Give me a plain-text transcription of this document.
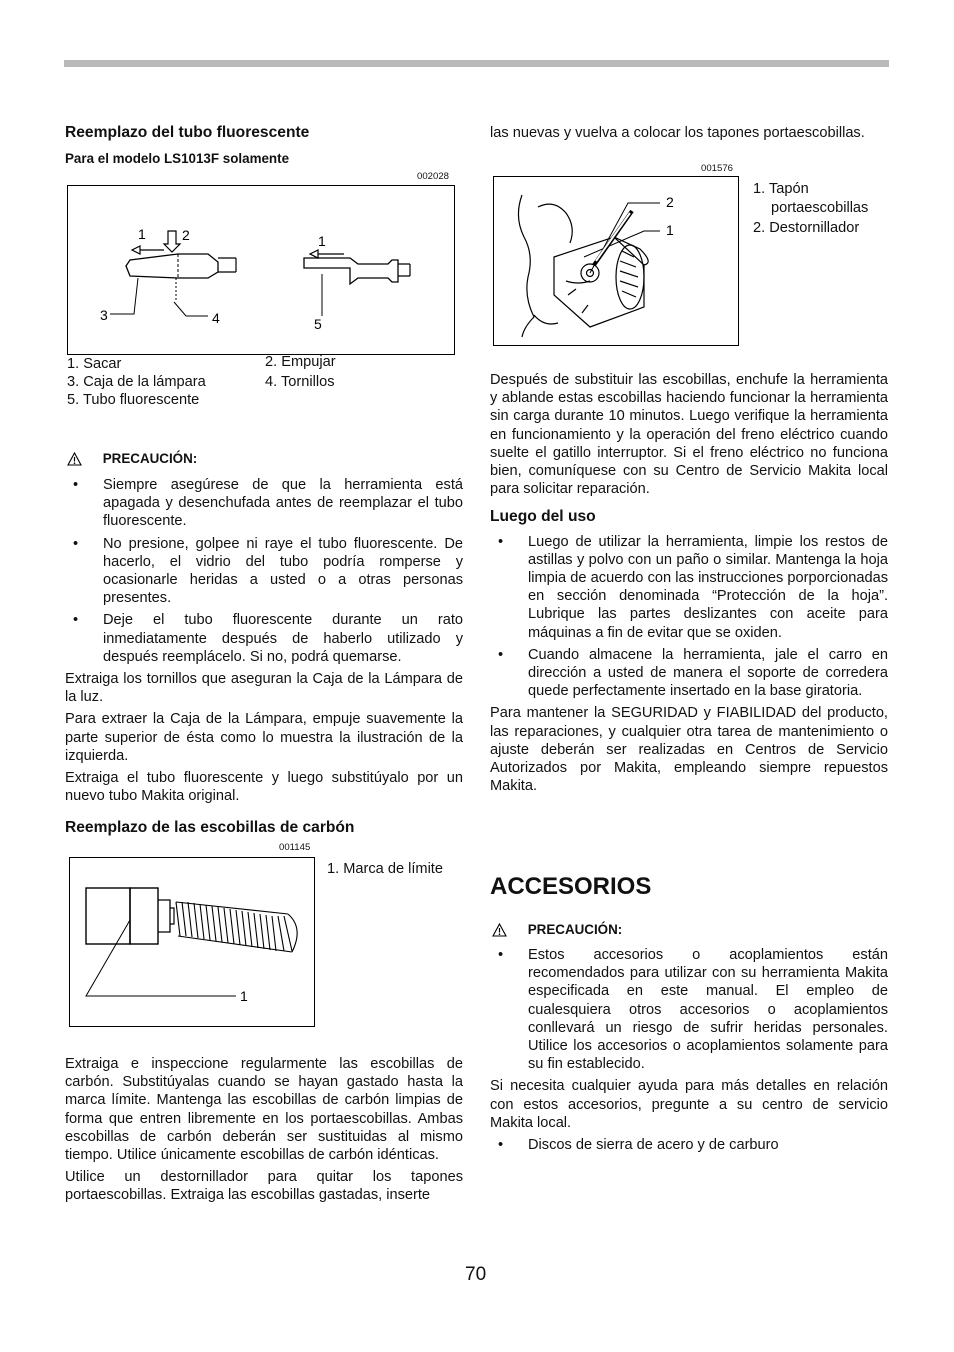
Reemplazo del tubo fluorescente
Para el modelo LS1013F solamente
002028
1	2
3	4
1
5
1. Sacar	2. Empujar
3. Caja de la lámpara	4. Tornillos
5. Tubo fluorescente
PRECAUCIÓN:
• Siempre asegúrese de que la herramienta está apagada y desenchufada antes de reemplazar el tubo fluorescente.
• No presione, golpee ni raye el tubo fluorescente. De hacerlo, el vidrio del tubo podría romperse y ocasionarle heridas a usted o a otras personas presentes.
• Deje el tubo fluorescente durante un rato inmediatamente después de haberlo utilizado y después reemplácelo. Si no, podrá quemarse.

Extraiga los tornillos que aseguran la Caja de la Lámpara de la luz.

Para extraer la Caja de la Lámpara, empuje suavemente la parte superior de ésta como lo muestra la ilustración de la izquierda.

Extraiga el tubo fluorescente y luego substitúyalo por un nuevo tubo Makita original.

Reemplazo de las escobillas de carbón
001145
1
1. Marca de límite

Extraiga e inspeccione regularmente las escobillas de carbón. Substitúyalas cuando se hayan gastado hasta la marca límite. Mantenga las escobillas de carbón limpias de forma que entren libremente en los portaescobillas. Ambas escobillas de carbón deberán ser sustituidas al mismo tiempo. Utilice únicamente escobillas de carbón idénticas.

Utilice un destornillador para quitar los tapones portaescobillas. Extraiga las escobillas gastadas, inserte

las nuevas y vuelva a colocar los tapones portaescobillas.

001576
2
1
1. Tapón
portaescobillas
2. Destornillador

Después de substituir las escobillas, enchufe la herramienta y ablande estas escobillas haciendo funcionar la herramienta sin carga durante 10 minutos. Luego verifique la herramienta en funcionamiento y la operación del freno eléctrico cuando suelte el gatillo interruptor. Si el freno eléctrico no funciona bien, comuníquese con su Centro de Servicio Makita local para solicitar reparación.

Luego del uso
• Luego de utilizar la herramienta, limpie los restos de astillas y polvo con un paño o similar. Mantenga la hoja limpia de acuerdo con las instrucciones porporcionadas en sección denominada “Protección de la hoja”. Lubrique las partes deslizantes con aceite para máquinas a fin de evitar que se oxiden.
• Cuando almacene la herramienta, jale el carro en dirección a usted de manera el soporte de corredera quede perfectamente insertado en la base giratoria.

Para mantener la SEGURIDAD y FIABILIDAD del producto, las reparaciones, y cualquier otra tarea de mantenimiento o ajuste deberán ser realizadas en Centros de Servicio Autorizados por Makita, empleando siempre repuestos Makita.

ACCESORIOS
PRECAUCIÓN:
• Estos accesorios o acoplamientos están recomendados para utilizar con su herramienta Makita especificada en este manual. El empleo de cualesquiera otros accesorios o acoplamientos conllevará un riesgo de sufrir heridas personales. Utilice los accesorios o acoplamientos solamente para su fin establecido.

Si necesita cualquier ayuda para más detalles en relación con estos accesorios, pregunte a su centro de servicio Makita local.

• Discos de sierra de acero y de carburo
70
